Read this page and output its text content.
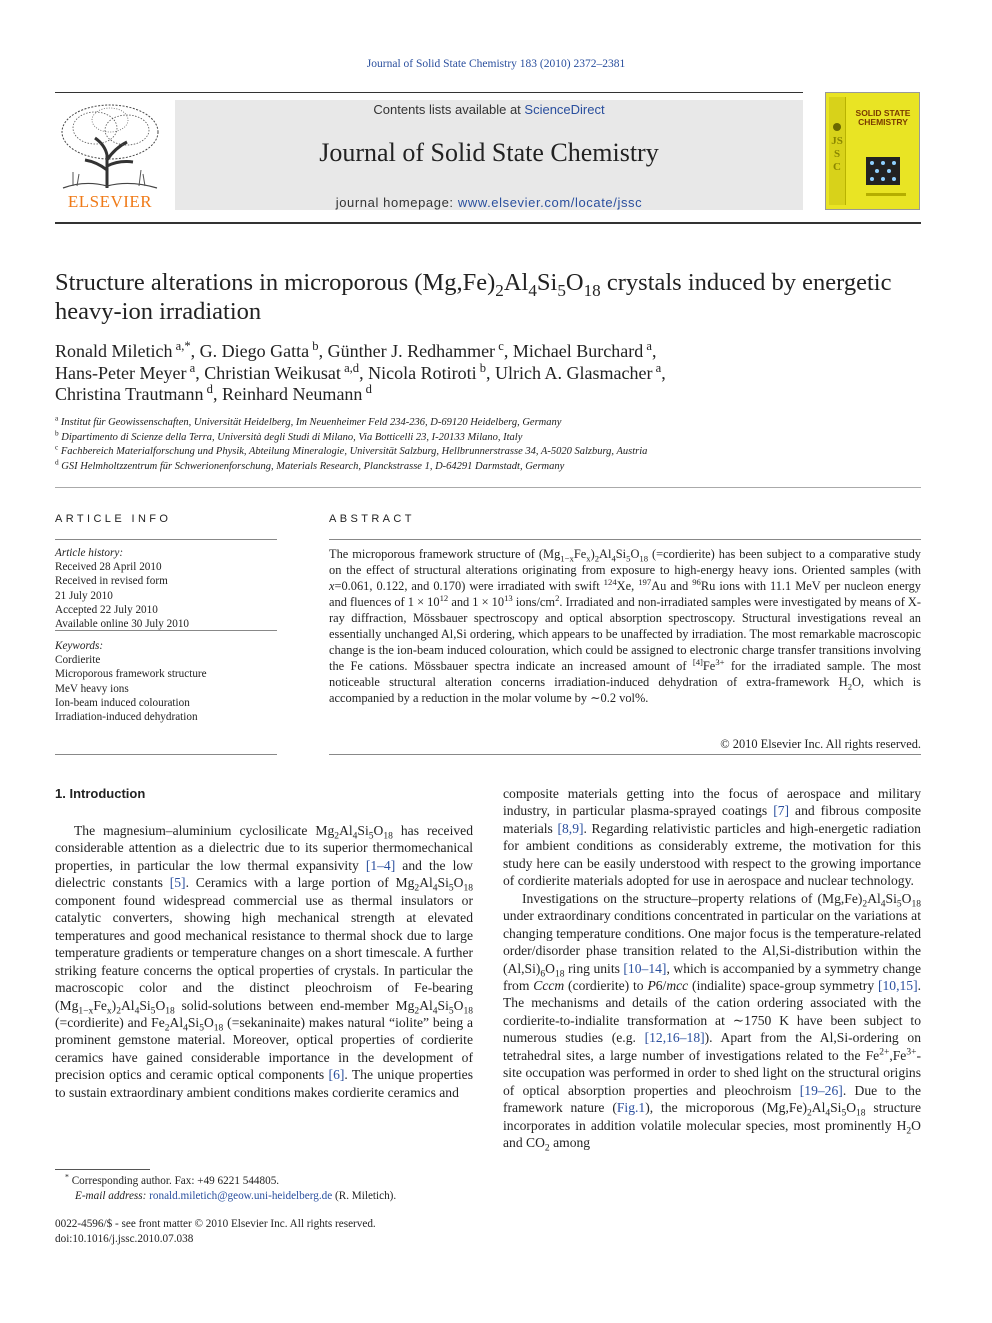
Journal of Solid State Chemistry 183 (2010) 2372–2381
ELSEVIER
Contents lists available at ScienceDirect
Journal of Solid State Chemistry
journal homepage: www.elsevier.com/locate/jssc
JSSC
SOLID STATE
CHEMISTRY
Structure alterations in microporous $(Mg,Fe)_2Al_4Si_5O_{18}$ crystals induced by energetic heavy-ion irradiation
Ronald Miletich $^{a,*}$, G. Diego Gatta $^b$, Günther J. Redhammer $^c$, Michael Burchard $^a$,
Hans-Peter Meyer $^a$, Christian Weikusat $^{a,d}$, Nicola Rotiroti $^b$, Ulrich A. Glasmacher $^a$,
Christina Trautmann $^d$, Reinhard Neumann $^d$
$^a$ Institut für Geowissenschaften, Universität Heidelberg, Im Neuenheimer Feld 234-236, D-69120 Heidelberg, Germany
$^b$ Dipartimento di Scienze della Terra, Università degli Studi di Milano, Via Botticelli 23, I-20133 Milano, Italy
$^c$ Fachbereich Materialforschung und Physik, Abteilung Mineralogie, Universität Salzburg, Hellbrunnerstrasse 34, A-5020 Salzburg, Austria
$^d$ GSI Helmholtzzentrum für Schwerionenforschung, Materials Research, Planckstrasse 1, D-64291 Darmstadt, Germany
ARTICLE INFO	ABSTRACT
Article history:
Received 28 April 2010
Received in revised form
21 July 2010
Accepted 22 July 2010
Available online 30 July 2010
Keywords:
Cordierite
Microporous framework structure
MeV heavy ions
Ion-beam induced colouration
Irradiation-induced dehydration
The microporous framework structure of $(Mg_{1-x}Fe_x)_2Al_4Si_5O_{18}$ (=cordierite) has been subject to a comparative study on the effect of structural alterations originating from exposure to high-energy heavy ions. Oriented samples (with x=0.061, 0.122, and 0.170) were irradiated with swift $^{124}$Xe, $^{197}$Au and $^{96}$Ru ions with 11.1 MeV per nucleon energy and fluences of $1 \times 10^{12}$ and $1 \times 10^{13}$ ions/$cm^2$. Irradiated and non-irradiated samples were investigated by means of X-ray diffraction, Mössbauer spectroscopy and optical absorption spectroscopy. Structural investigations reveal an essentially unchanged Al,Si ordering, which appears to be unaffected by irradiation. The most remarkable macroscopic change is the ion-beam induced colouration, which could be assigned to electronic charge transfer transitions involving the Fe cations. Mössbauer spectra indicate an increased amount of $[4]Fe^{3+}$ for the irradiated sample. The most noticeable structural alteration concerns irradiation-induced dehydration of extra-framework $H_2O$, which is accompanied by a reduction in the molar volume by ∼0.2 vol%.
© 2010 Elsevier Inc. All rights reserved.
1. Introduction

The magnesium–aluminium cyclosilicate $Mg_2Al_4Si_5O_{18}$ has received considerable attention as a dielectric due to its superior thermomechanical properties, in particular the low thermal expansivity [1–4] and the low dielectric constants [5]. Ceramics with a large portion of $Mg_2Al_4Si_5O_{18}$ component found widespread commercial use as thermal insulators or catalytic converters, showing high mechanical strength at elevated temperatures and good mechanical resistance to thermal shock due to large temperature gradients or temperature changes on a short timescale. A further striking feature concerns the optical properties of crystals. In particular the macroscopic color and the distinct pleochroism of Fe-bearing $(Mg_{1-x}Fe_x)_2Al_4Si_5O_{18}$ solid-solutions between end-member $Mg_2Al_4Si_5O_{18}$ (=cordierite) and $Fe_2Al_4Si_5O_{18}$ (=sekaninaite) makes natural “iolite” being a prominent gemstone material. Moreover, optical properties of cordierite ceramics have gained considerable importance in the development of precision optics and ceramic optical components [6]. The unique properties to sustain extraordinary ambient conditions makes cordierite ceramics and

composite materials getting into the focus of aerospace and military industry, in particular plasma-sprayed coatings [7] and fibrous composite materials [8,9]. Regarding relativistic particles and high-energetic radiation for ambient conditions as considerably extreme, the motivation for this study here can be easily understood with respect to the growing importance of cordierite materials adopted for use in aerospace and nuclear technology.

Investigations on the structure–property relations of $(Mg,Fe)_2Al_4Si_5O_{18}$ under extraordinary conditions concentrated in particular on the variations at changing temperature conditions. One major focus is the temperature-related order/disorder phase transition related to the Al,Si-distribution within the $(Al,Si)_6O_{18}$ ring units [10–14], which is accompanied by a symmetry change from Cccm (cordierite) to P6/mcc (indialite) space-group symmetry [10,15]. The mechanisms and details of the cation ordering associated with the cordierite-to-indialite transformation at ∼1750 K have been subject to numerous studies (e.g. [12,16–18]). Apart from the Al,Si-ordering on tetrahedral sites, a large number of investigations related to the $Fe^{2+},Fe^{3+}$-site occupation was performed in order to shed light on the structural origins of optical absorption properties and pleochroism [19–26]. Due to the framework nature (Fig.1), the microporous $(Mg,Fe)_2Al_4Si_5O_{18}$ structure incorporates in addition volatile molecular species, most prominently $H_2O$ and $CO_2$ among

* Corresponding author. Fax: +49 6221 544805.
E-mail address: ronald.miletich@geow.uni-heidelberg.de (R. Miletich).
0022-4596/$ - see front matter © 2010 Elsevier Inc. All rights reserved.
doi:10.1016/j.jssc.2010.07.038
